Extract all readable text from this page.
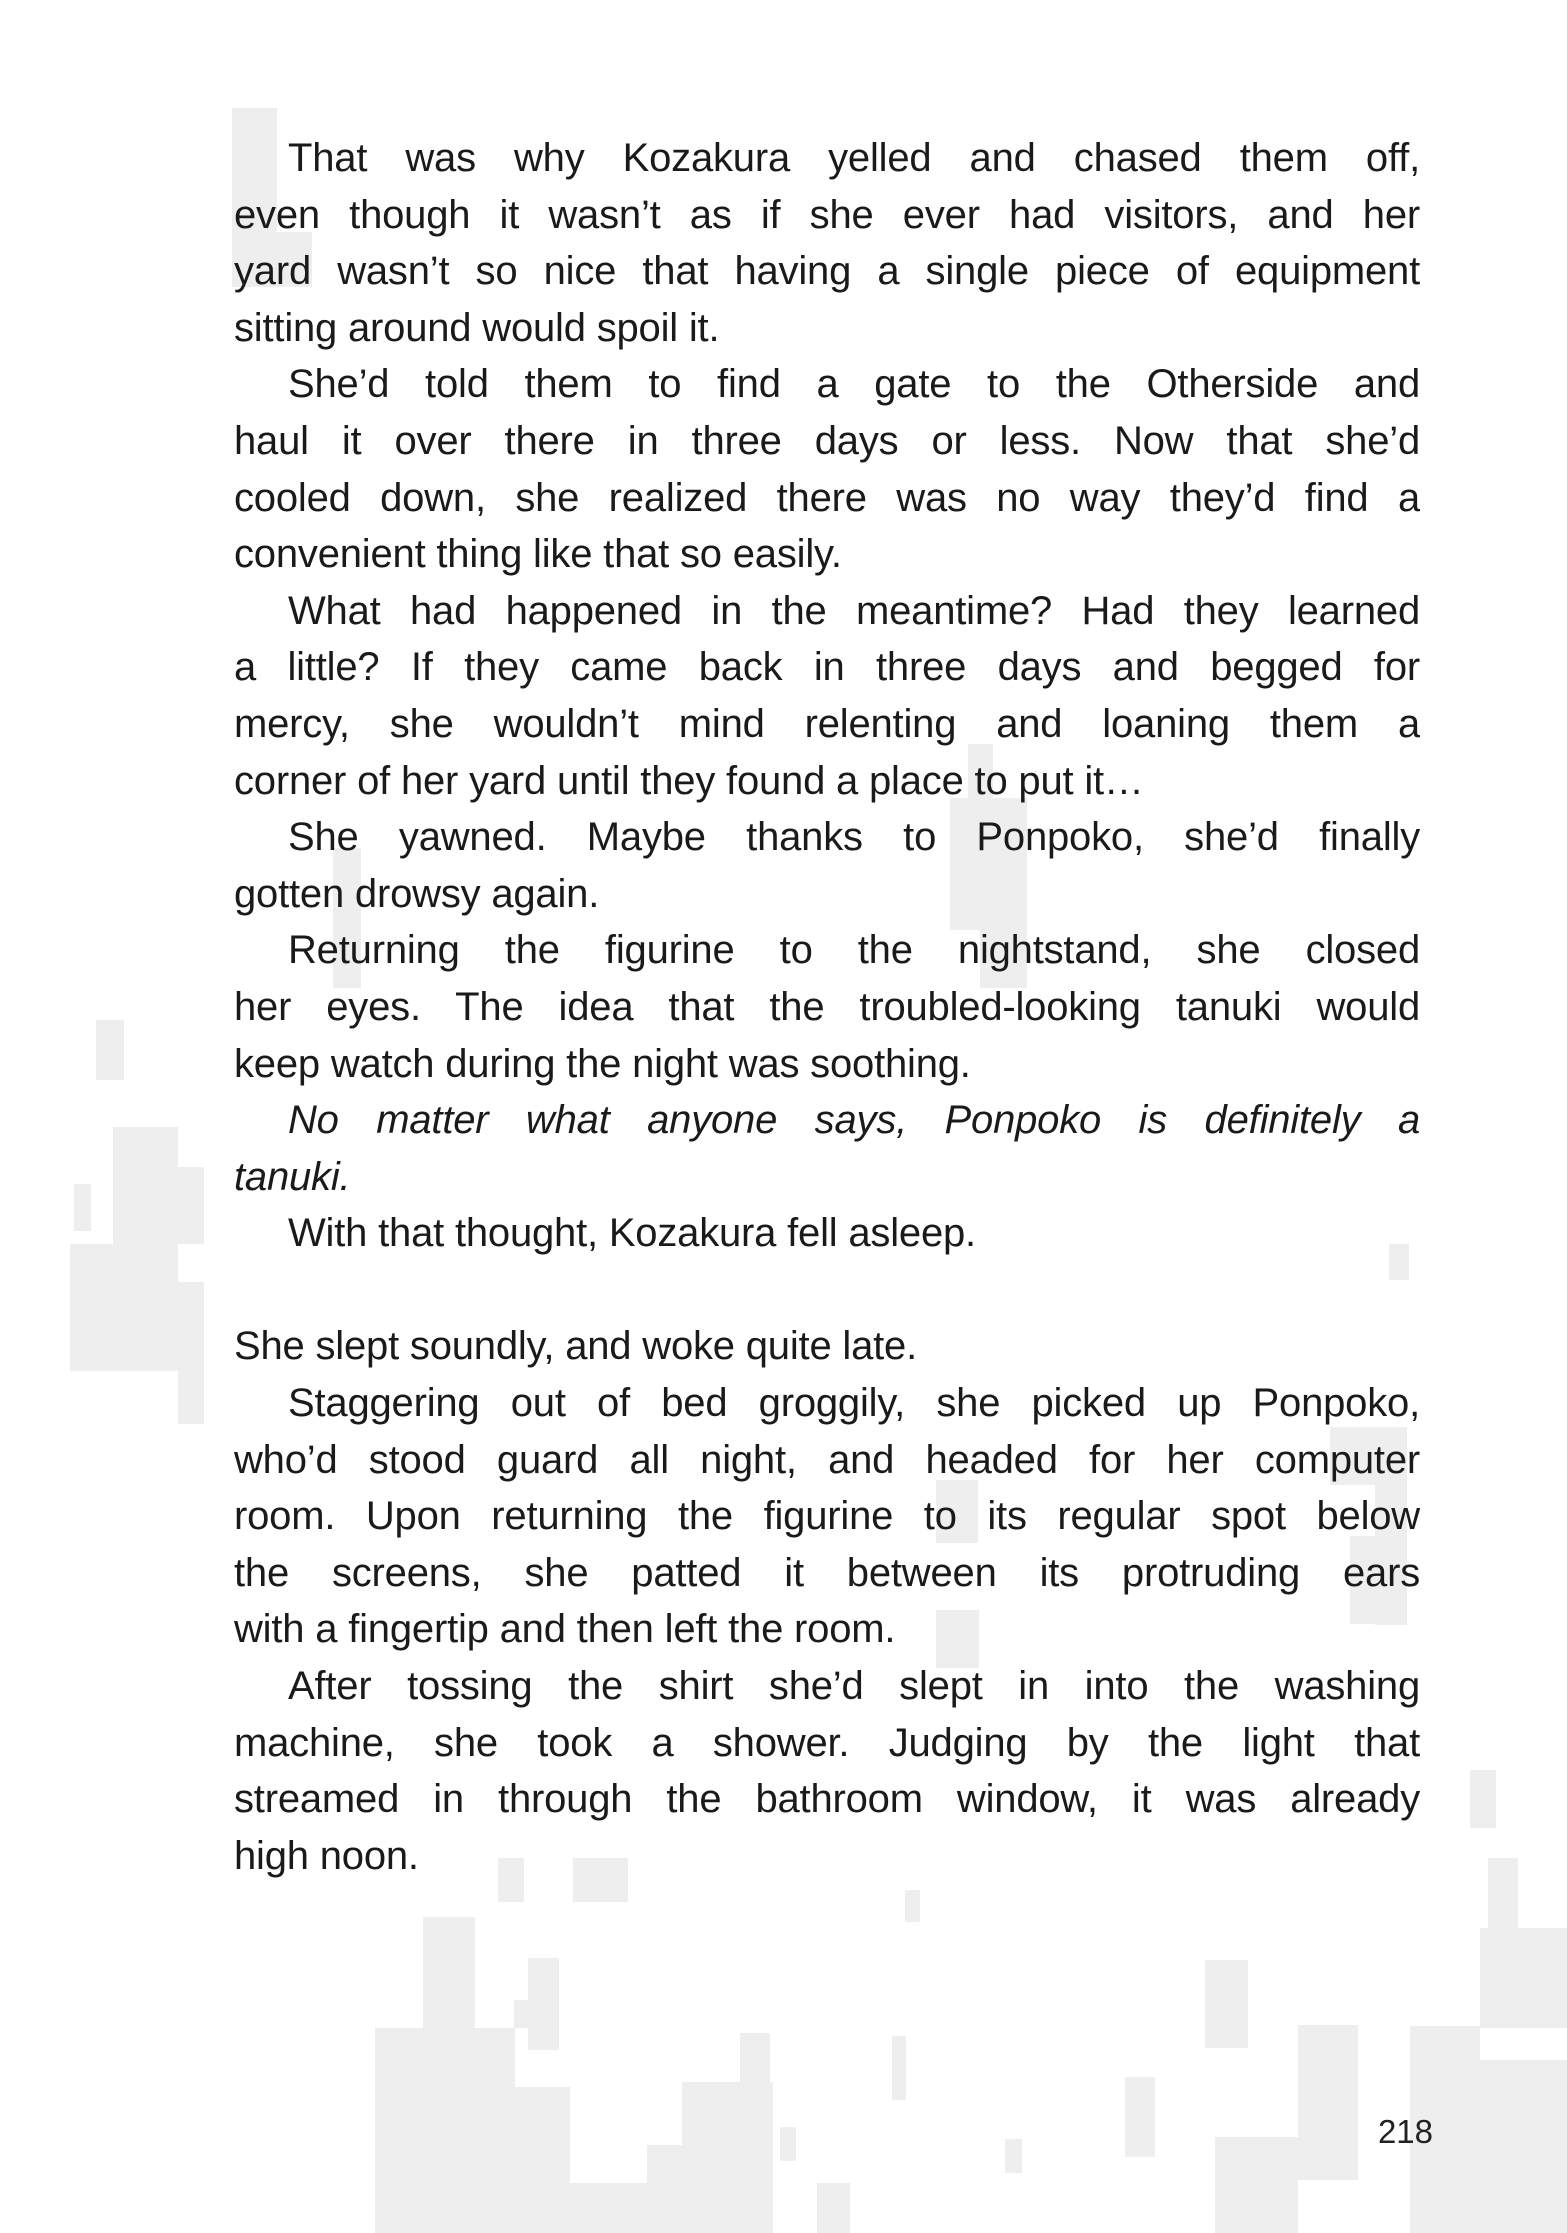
That was why Kozakura yelled and chased them off,
even though it wasn’t as if she ever had visitors, and her
yard wasn’t so nice that having a single piece of equipment
sitting around would spoil it.
She’d told them to find a gate to the Otherside and
haul it over there in three days or less. Now that she’d
cooled down, she realized there was no way they’d find a
convenient thing like that so easily.
What had happened in the meantime? Had they learned
a little? If they came back in three days and begged for
mercy, she wouldn’t mind relenting and loaning them a
corner of her yard until they found a place to put it…
She yawned. Maybe thanks to Ponpoko, she’d finally
gotten drowsy again.
Returning the figurine to the nightstand, she closed
her eyes. The idea that the troubled-looking tanuki would
keep watch during the night was soothing.
No matter what anyone says, Ponpoko is definitely a
tanuki.
With that thought, Kozakura fell asleep.
She slept soundly, and woke quite late.
Staggering out of bed groggily, she picked up Ponpoko,
who’d stood guard all night, and headed for her computer
room. Upon returning the figurine to its regular spot below
the screens, she patted it between its protruding ears
with a fingertip and then left the room.
After tossing the shirt she’d slept in into the washing
machine, she took a shower. Judging by the light that
streamed in through the bathroom window, it was already
high noon.
218
